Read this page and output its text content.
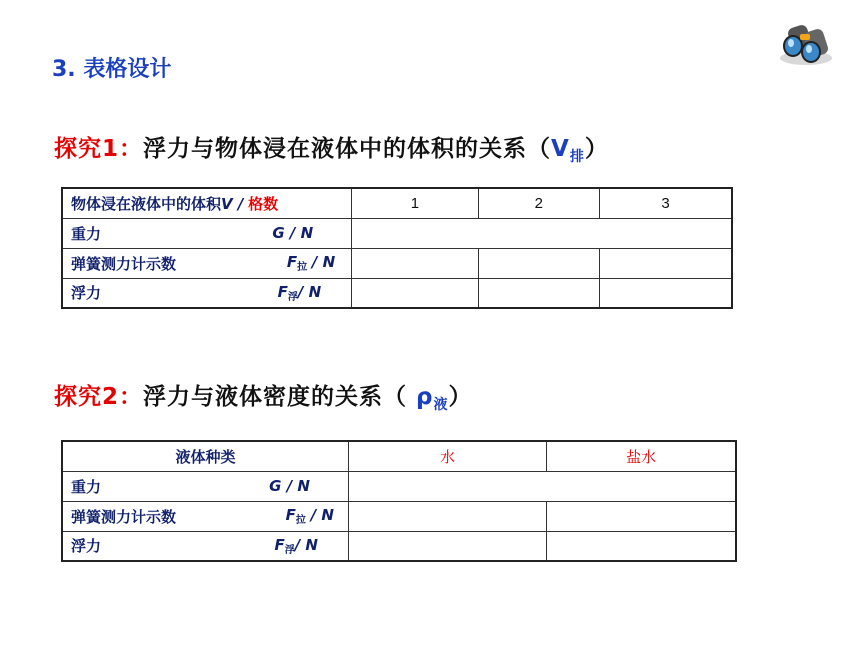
3. 表格设计
探究1：浮力与物体浸在液体中的体积的关系$(V_排)$
物体浸在液体中的体积V / 格数	1	2	3

重力 G / N			

弹簧测力计示数 $F_拉$ / N			

浮力 $F_浮/$ N			

探究2：浮力与液体密度的关系（ $\rho_液$）
液体种类	水	盐水

重力 G / N		

弹簧测力计示数 $F_拉$ / N		

浮力 $F_浮/$ N		
